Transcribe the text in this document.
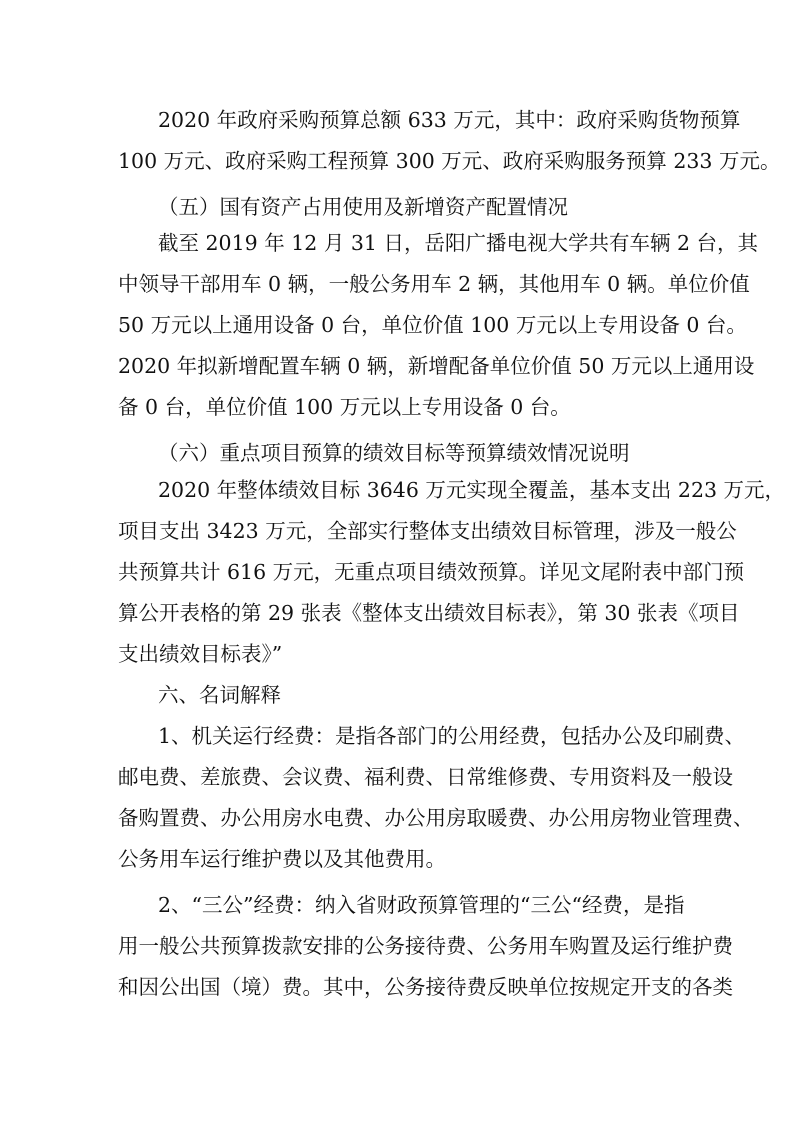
2020 年政府采购预算总额 633 万元，其中：政府采购货物预算
100 万元、政府采购工程预算 300 万元、政府采购服务预算 233 万元。
（五）国有资产占用使用及新增资产配置情况
截至 2019 年 12 月 31 日，岳阳广播电视大学共有车辆 2 台，其
中领导干部用车 0 辆，一般公务用车 2 辆，其他用车 0 辆。单位价值
50 万元以上通用设备 0 台，单位价值 100 万元以上专用设备 0 台。
2020 年拟新增配置车辆 0 辆，新增配备单位价值 50 万元以上通用设
备 0 台，单位价值 100 万元以上专用设备 0 台。
（六）重点项目预算的绩效目标等预算绩效情况说明
2020 年整体绩效目标 3646 万元实现全覆盖，基本支出 223 万元，
项目支出 3423 万元，全部实行整体支出绩效目标管理，涉及一般公
共预算共计 616 万元，无重点项目绩效预算。详见文尾附表中部门预
算公开表格的第 29 张表《整体支出绩效目标表》，第 30 张表《项目
支出绩效目标表》”
六、名词解释
1、机关运行经费：是指各部门的公用经费，包括办公及印刷费、
邮电费、差旅费、会议费、福利费、日常维修费、专用资料及一般设
备购置费、办公用房水电费、办公用房取暖费、办公用房物业管理费、
公务用车运行维护费以及其他费用。
2、“三公”经费：纳入省财政预算管理的“三公“经费，是指
用一般公共预算拨款安排的公务接待费、公务用车购置及运行维护费
和因公出国（境）费。其中，公务接待费反映单位按规定开支的各类
